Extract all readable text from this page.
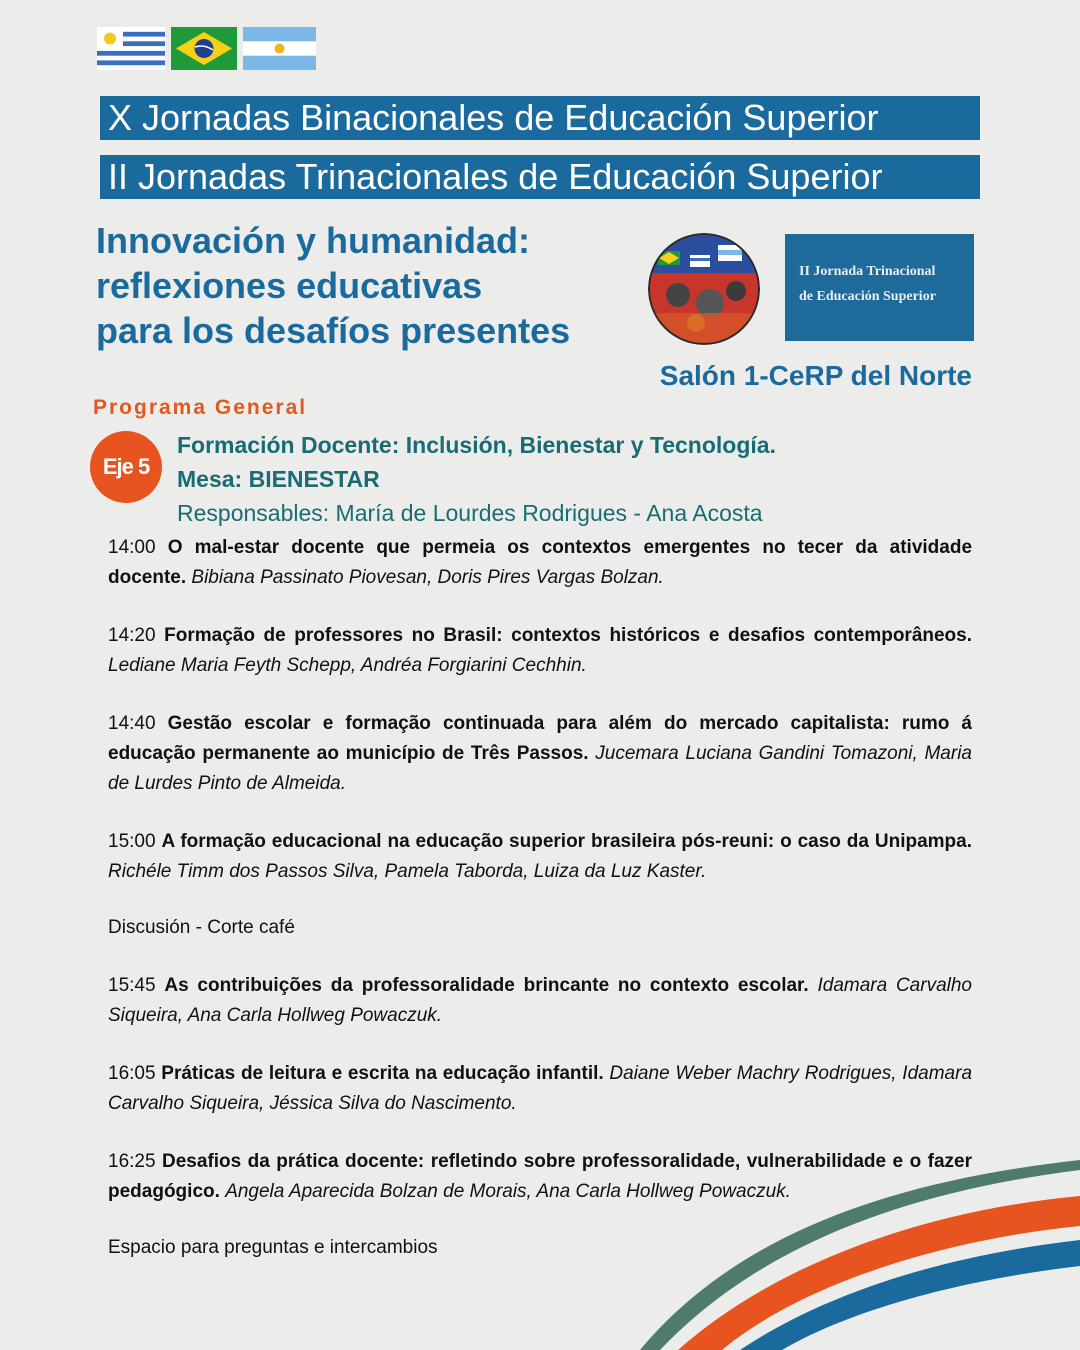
X Jornadas Binacionales de Educación Superior
II Jornadas Trinacionales de Educación Superior
Innovación y humanidad:
reflexiones educativas
para los desafíos presentes
II Jornada Trinacional
de Educación Superior
Salón 1-CeRP del Norte
Programa General
Eje 5
Formación Docente: Inclusión, Bienestar y Tecnología.
Mesa: BIENESTAR
Responsables: María de Lourdes Rodrigues - Ana Acosta
14:00 O mal-estar docente que permeia os contextos emergentes no tecer da atividade docente. Bibiana Passinato Piovesan, Doris Pires Vargas Bolzan.
14:20 Formação de professores no Brasil: contextos históricos e desafios contemporâneos. Lediane Maria Feyth Schepp, Andréa Forgiarini Cechhin.
14:40 Gestão escolar e formação continuada para além do mercado capitalista: rumo á educação permanente ao município de Três Passos. Jucemara Luciana Gandini Tomazoni, Maria de Lurdes Pinto de Almeida.
15:00 A formação educacional na educação superior brasileira pós-reuni: o caso da Unipampa. Richéle Timm dos Passos Silva, Pamela Taborda, Luiza da Luz Kaster.
Discusión - Corte café
15:45 As contribuições da professoralidade brincante no contexto escolar. Idamara Carvalho Siqueira, Ana Carla Hollweg Powaczuk.
16:05 Práticas de leitura e escrita na educação infantil. Daiane Weber Machry Rodrigues, Idamara Carvalho Siqueira, Jéssica Silva do Nascimento.
16:25 Desafios da prática docente: refletindo sobre professoralidade, vulnerabilidade e o fazer pedagógico. Angela Aparecida Bolzan de Morais, Ana Carla Hollweg Powaczuk.
Espacio para preguntas e intercambios
